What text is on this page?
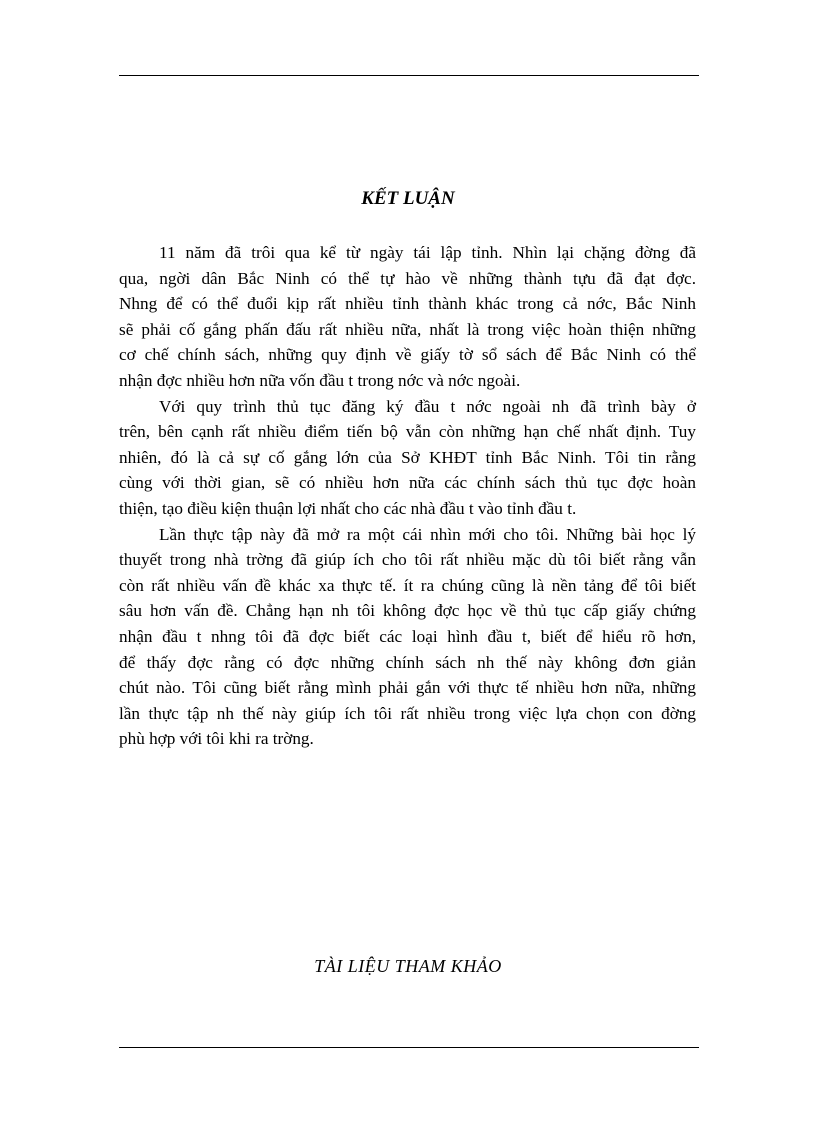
KẾT LUẬN

11 năm đã trôi qua kể từ ngày tái lập tỉnh. Nhìn lại chặng đờng đã
qua, ngời dân Bắc Ninh có thể tự hào về những thành tựu đã đạt đợc.
Nhng để có thể đuổi kịp rất nhiều tỉnh thành khác trong cả nớc, Bắc Ninh
sẽ phải cố gắng phấn đấu rất nhiều nữa, nhất là trong việc hoàn thiện những
cơ chế chính sách, những quy định về giấy tờ sổ sách để Bắc Ninh có thể
nhận đợc nhiều hơn nữa vốn đầu t trong nớc và nớc ngoài.

Với quy trình thủ tục đăng ký đầu t nớc ngoài nh đã trình bày ở
trên, bên cạnh rất nhiều điểm tiến bộ vẫn còn những hạn chế nhất định. Tuy
nhiên, đó là cả sự cố gắng lớn của Sở KHĐT tỉnh Bắc Ninh. Tôi tin rằng
cùng với thời gian, sẽ có nhiều hơn nữa các chính sách thủ tục đợc hoàn
thiện, tạo điều kiện thuận lợi nhất cho các nhà đầu t vào tỉnh đầu t.

Lần thực tập này đã mở ra một cái nhìn mới cho tôi. Những bài học lý
thuyết trong nhà trờng đã giúp ích cho tôi rất nhiều mặc dù tôi biết rằng vẫn
còn rất nhiều vấn đề khác xa thực tế. ít ra chúng cũng là nền tảng để tôi biết
sâu hơn vấn đề. Chẳng hạn nh tôi không đợc học về thủ tục cấp giấy chứng
nhận đầu t nhng tôi đã đợc biết các loại hình đầu t, biết để hiểu rõ hơn,
để thấy đợc rằng có đợc những chính sách nh thế này không đơn giản
chút nào. Tôi cũng biết rằng mình phải gắn với thực tế nhiều hơn nữa, những
lần thực tập nh thế này giúp ích tôi rất nhiều trong việc lựa chọn con đờng
phù hợp với tôi khi ra trờng.

TÀI LIỆU THAM KHẢO
